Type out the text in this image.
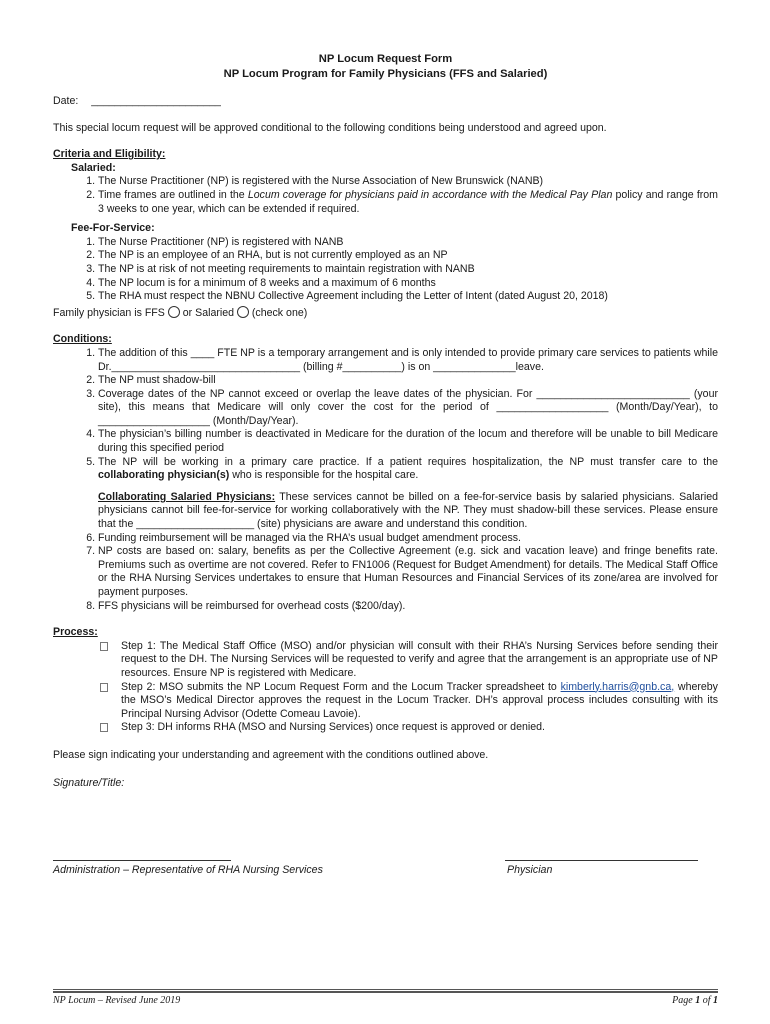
NP Locum Request Form
NP Locum Program for Family Physicians (FFS and Salaried)
Date: ______________________
This special locum request will be approved conditional to the following conditions being understood and agreed upon.
Criteria and Eligibility:
Salaried:
1. The Nurse Practitioner (NP) is registered with the Nurse Association of New Brunswick (NANB)
2. Time frames are outlined in the Locum coverage for physicians paid in accordance with the Medical Pay Plan policy and range from 3 weeks to one year, which can be extended if required.
Fee-For-Service:
1. The Nurse Practitioner (NP) is registered with NANB
2. The NP is an employee of an RHA, but is not currently employed as an NP
3. The NP is at risk of not meeting requirements to maintain registration with NANB
4. The NP locum is for a minimum of 8 weeks and a maximum of 6 months
5. The RHA must respect the NBNU Collective Agreement including the Letter of Intent (dated August 20, 2018)
Family physician is FFS or Salaried (check one)
Conditions:
1. The addition of this ____ FTE NP is a temporary arrangement and is only intended to provide primary care services to patients while Dr.________________________________ (billing #__________) is on ______________leave.
2. The NP must shadow-bill
3. Coverage dates of the NP cannot exceed or overlap the leave dates of the physician. For __________________________ (your site), this means that Medicare will only cover the cost for the period of ___________________ (Month/Day/Year), to ___________________ (Month/Day/Year).
4. The physician’s billing number is deactivated in Medicare for the duration of the locum and therefore will be unable to bill Medicare during this specified period
5. The NP will be working in a primary care practice. If a patient requires hospitalization, the NP must transfer care to the collaborating physician(s) who is responsible for the hospital care.
Collaborating Salaried Physicians: These services cannot be billed on a fee-for-service basis by salaried physicians. Salaried physicians cannot bill fee-for-service for working collaboratively with the NP. They must shadow-bill these services. Please ensure that the ____________________ (site) physicians are aware and understand this condition.
6. Funding reimbursement will be managed via the RHA’s usual budget amendment process.
7. NP costs are based on: salary, benefits as per the Collective Agreement (e.g. sick and vacation leave) and fringe benefits rate. Premiums such as overtime are not covered. Refer to FN1006 (Request for Budget Amendment) for details. The Medical Staff Office or the RHA Nursing Services undertakes to ensure that Human Resources and Financial Services of its zone/area are involved for payment purposes.
8. FFS physicians will be reimbursed for overhead costs ($200/day).
Process:
Step 1: The Medical Staff Office (MSO) and/or physician will consult with their RHA’s Nursing Services before sending their request to the DH. The Nursing Services will be requested to verify and agree that the arrangement is an appropriate use of NP resources. Ensure NP is registered with Medicare.
Step 2: MSO submits the NP Locum Request Form and the Locum Tracker spreadsheet to kimberly.harris@gnb.ca, whereby the MSO’s Medical Director approves the request in the Locum Tracker. DH’s approval process includes consulting with its Principal Nursing Advisor (Odette Comeau Lavoie).
Step 3: DH informs RHA (MSO and Nursing Services) once request is approved or denied.
Please sign indicating your understanding and agreement with the conditions outlined above.
Signature/Title:
Administration – Representative of RHA Nursing Services	Physician
NP Locum – Revised June 2019	Page 1 of 1
